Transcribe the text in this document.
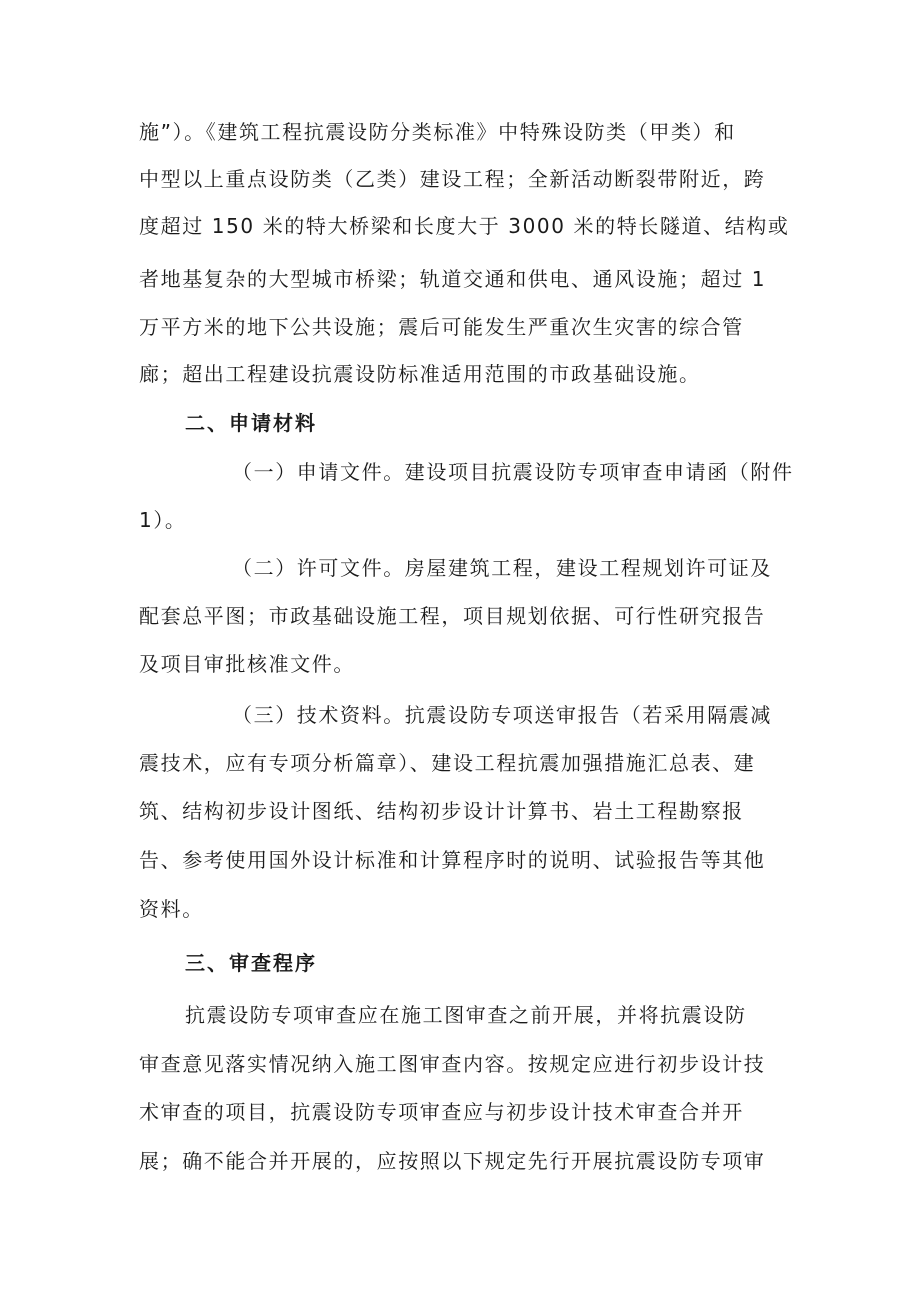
施”）。《建筑工程抗震设防分类标准》中特殊设防类（甲类）和
中型以上重点设防类（乙类）建设工程；全新活动断裂带附近，跨
度超过 150 米的特大桥梁和长度大于 3000 米的特长隧道、结构或
者地基复杂的大型城市桥梁；轨道交通和供电、通风设施；超过 1
万平方米的地下公共设施；震后可能发生严重次生灾害的综合管
廊；超出工程建设抗震设防标准适用范围的市政基础设施。
二、申请材料
（一）申请文件。建设项目抗震设防专项审查申请函（附件
1）。
（二）许可文件。房屋建筑工程，建设工程规划许可证及
配套总平图；市政基础设施工程，项目规划依据、可行性研究报告
及项目审批核准文件。
（三）技术资料。抗震设防专项送审报告（若采用隔震减
震技术，应有专项分析篇章）、建设工程抗震加强措施汇总表、建
筑、结构初步设计图纸、结构初步设计计算书、岩土工程勘察报
告、参考使用国外设计标准和计算程序时的说明、试验报告等其他
资料。
三、审查程序
抗震设防专项审查应在施工图审查之前开展，并将抗震设防
审查意见落实情况纳入施工图审查内容。按规定应进行初步设计技
术审查的项目，抗震设防专项审查应与初步设计技术审查合并开
展；确不能合并开展的，应按照以下规定先行开展抗震设防专项审
